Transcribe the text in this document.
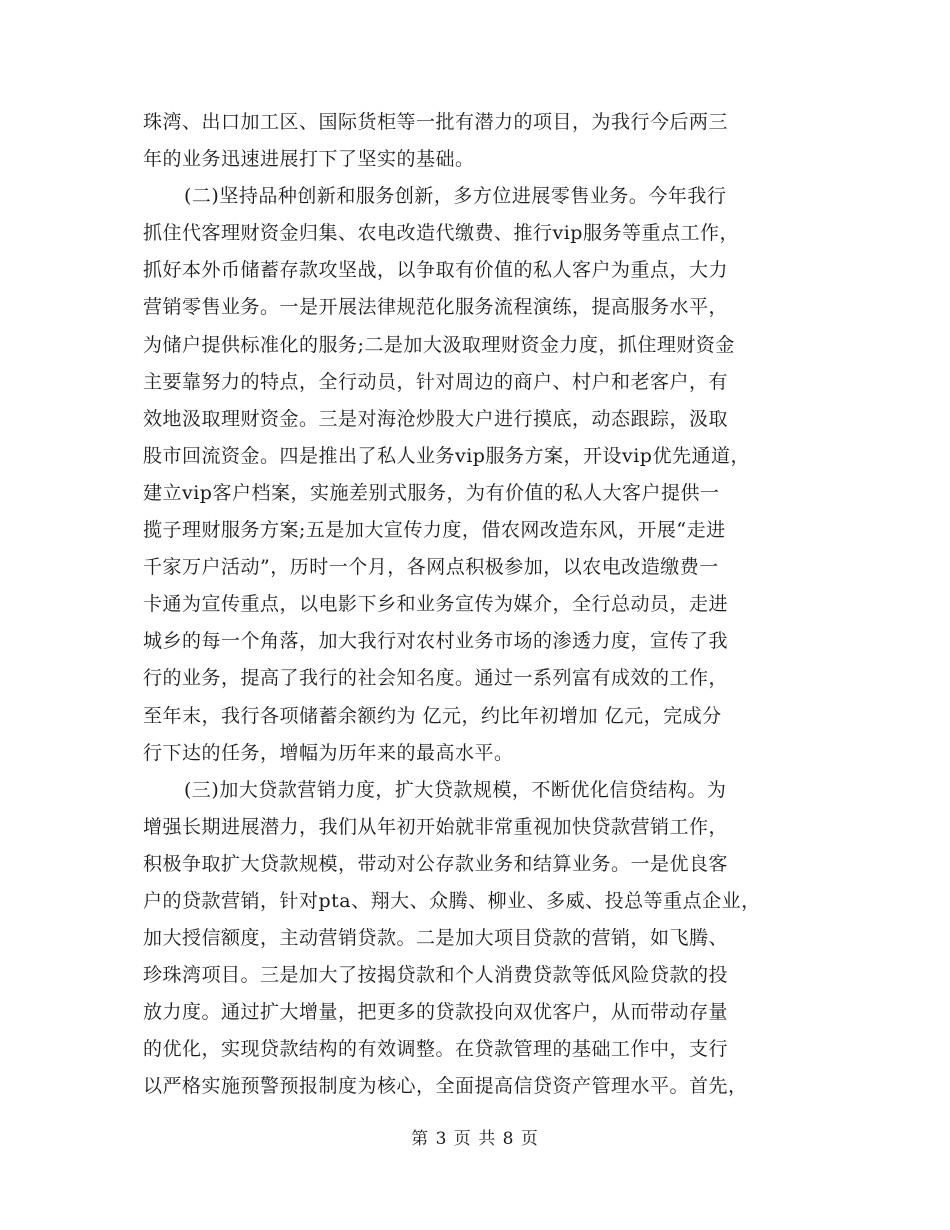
珠湾、出口加工区、国际货柜等一批有潜力的项目，为我行今后两三
年的业务迅速进展打下了坚实的基础。
(二)坚持品种创新和服务创新，多方位进展零售业务。今年我行
抓住代客理财资金归集、农电改造代缴费、推行vip服务等重点工作，
抓好本外币储蓄存款攻坚战，以争取有价值的私人客户为重点，大力
营销零售业务。一是开展法律规范化服务流程演练，提高服务水平，
为储户提供标准化的服务;二是加大汲取理财资金力度，抓住理财资金
主要靠努力的特点，全行动员，针对周边的商户、村户和老客户，有
效地汲取理财资金。三是对海沧炒股大户进行摸底，动态跟踪，汲取
股市回流资金。四是推出了私人业务vip服务方案，开设vip优先通道，
建立vip客户档案，实施差别式服务，为有价值的私人大客户提供一
揽子理财服务方案;五是加大宣传力度，借农网改造东风，开展“走进
千家万户活动”，历时一个月，各网点积极参加，以农电改造缴费一
卡通为宣传重点，以电影下乡和业务宣传为媒介，全行总动员，走进
城乡的每一个角落，加大我行对农村业务市场的渗透力度，宣传了我
行的业务，提高了我行的社会知名度。通过一系列富有成效的工作，
至年末，我行各项储蓄余额约为 亿元，约比年初增加 亿元，完成分
行下达的任务，增幅为历年来的最高水平。
(三)加大贷款营销力度，扩大贷款规模，不断优化信贷结构。为
增强长期进展潜力，我们从年初开始就非常重视加快贷款营销工作，
积极争取扩大贷款规模，带动对公存款业务和结算业务。一是优良客
户的贷款营销，针对pta、翔大、众腾、柳业、多威、投总等重点企业，
加大授信额度，主动营销贷款。二是加大项目贷款的营销，如飞腾、
珍珠湾项目。三是加大了按揭贷款和个人消费贷款等低风险贷款的投
放力度。通过扩大增量，把更多的贷款投向双优客户，从而带动存量
的优化，实现贷款结构的有效调整。在贷款管理的基础工作中，支行
以严格实施预警预报制度为核心，全面提高信贷资产管理水平。首先，
第 3 页 共 8 页
